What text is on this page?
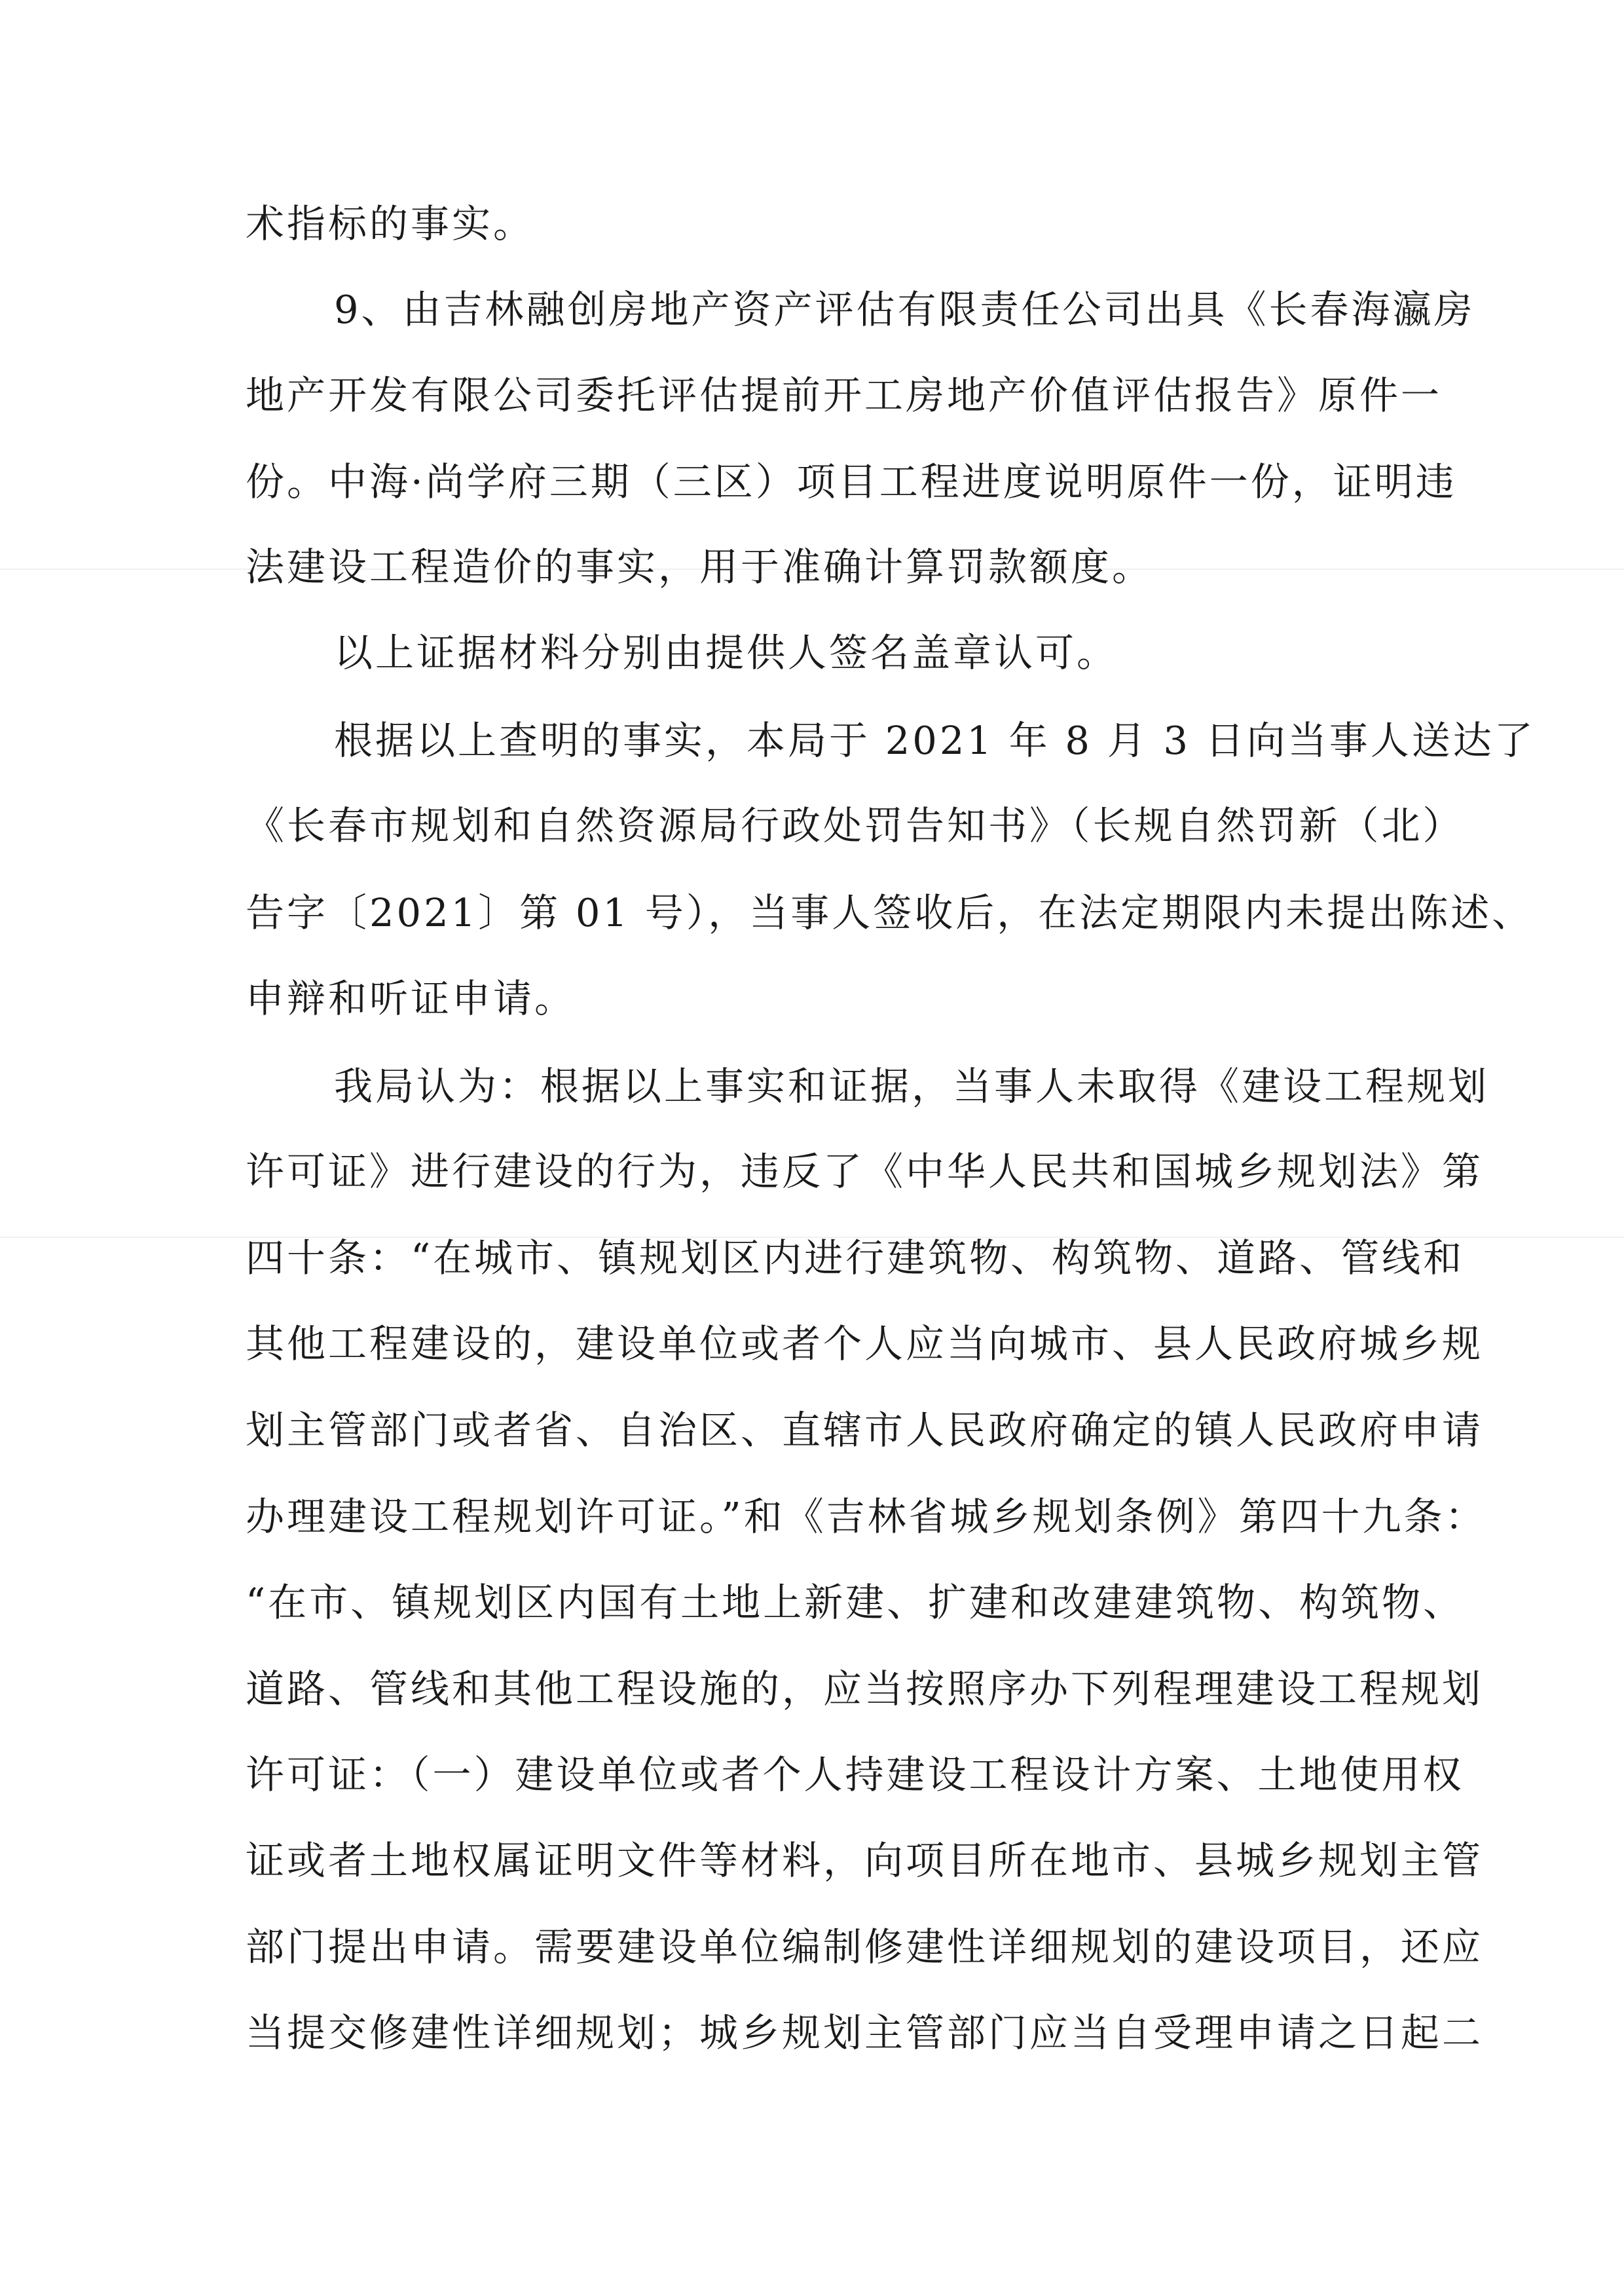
术指标的事实。
9、由吉林融创房地产资产评估有限责任公司出具《长春海瀛房
地产开发有限公司委托评估提前开工房地产价值评估报告》原件一
份。中海·尚学府三期（三区）项目工程进度说明原件一份，证明违
法建设工程造价的事实，用于准确计算罚款额度。
以上证据材料分别由提供人签名盖章认可。
根据以上查明的事实，本局于 2021 年 8 月 3 日向当事人送达了
《长春市规划和自然资源局行政处罚告知书》（长规自然罚新（北）
告字〔2021〕第 01 号），当事人签收后，在法定期限内未提出陈述、
申辩和听证申请。
我局认为：根据以上事实和证据，当事人未取得《建设工程规划
许可证》进行建设的行为，违反了《中华人民共和国城乡规划法》第
四十条：“在城市、镇规划区内进行建筑物、构筑物、道路、管线和
其他工程建设的，建设单位或者个人应当向城市、县人民政府城乡规
划主管部门或者省、自治区、直辖市人民政府确定的镇人民政府申请
办理建设工程规划许可证。”和《吉林省城乡规划条例》第四十九条：
“在市、镇规划区内国有土地上新建、扩建和改建建筑物、构筑物、
道路、管线和其他工程设施的，应当按照序办下列程理建设工程规划
许可证：（一）建设单位或者个人持建设工程设计方案、土地使用权
证或者土地权属证明文件等材料，向项目所在地市、县城乡规划主管
部门提出申请。需要建设单位编制修建性详细规划的建设项目，还应
当提交修建性详细规划；城乡规划主管部门应当自受理申请之日起二
